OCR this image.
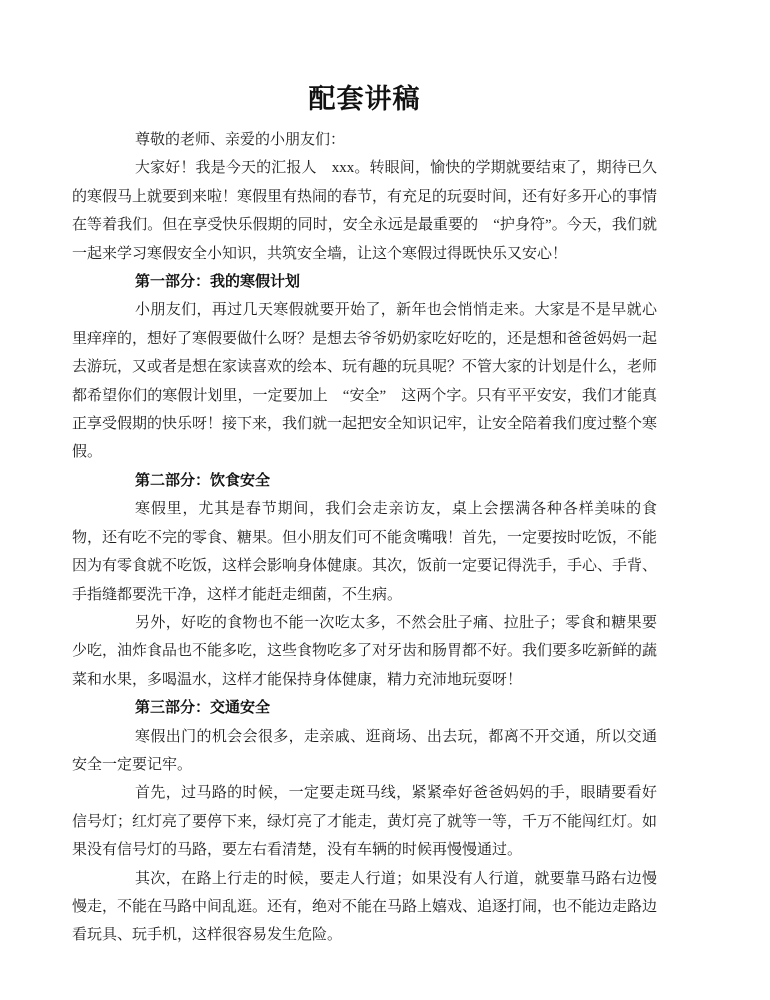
配套讲稿

尊敬的老师、亲爱的小朋友们：

大家好！我是今天的汇报人　xxx。转眼间，愉快的学期就要结束了，期待已久的寒假马上就要到来啦！寒假里有热闹的春节，有充足的玩耍时间，还有好多开心的事情在等着我们。但在享受快乐假期的同时，安全永远是最重要的　“护身符”。今天，我们就一起来学习寒假安全小知识，共筑安全墙，让这个寒假过得既快乐又安心！

第一部分：我的寒假计划

小朋友们，再过几天寒假就要开始了，新年也会悄悄走来。大家是不是早就心里痒痒的，想好了寒假要做什么呀？是想去爷爷奶奶家吃好吃的，还是想和爸爸妈妈一起去游玩，又或者是想在家读喜欢的绘本、玩有趣的玩具呢？不管大家的计划是什么，老师都希望你们的寒假计划里，一定要加上　“安全”　这两个字。只有平平安安，我们才能真正享受假期的快乐呀！接下来，我们就一起把安全知识记牢，让安全陪着我们度过整个寒假。

第二部分：饮食安全

寒假里，尤其是春节期间，我们会走亲访友，桌上会摆满各种各样美味的食物，还有吃不完的零食、糖果。但小朋友们可不能贪嘴哦！首先，一定要按时吃饭，不能因为有零食就不吃饭，这样会影响身体健康。其次，饭前一定要记得洗手，手心、手背、手指缝都要洗干净，这样才能赶走细菌，不生病。

另外，好吃的食物也不能一次吃太多，不然会肚子痛、拉肚子；零食和糖果要少吃，油炸食品也不能多吃，这些食物吃多了对牙齿和肠胃都不好。我们要多吃新鲜的蔬菜和水果，多喝温水，这样才能保持身体健康，精力充沛地玩耍呀！

第三部分：交通安全

寒假出门的机会会很多，走亲戚、逛商场、出去玩，都离不开交通，所以交通安全一定要记牢。

首先，过马路的时候，一定要走斑马线，紧紧牵好爸爸妈妈的手，眼睛要看好信号灯；红灯亮了要停下来，绿灯亮了才能走，黄灯亮了就等一等，千万不能闯红灯。如果没有信号灯的马路，要左右看清楚，没有车辆的时候再慢慢通过。

其次，在路上行走的时候，要走人行道；如果没有人行道，就要靠马路右边慢慢走，不能在马路中间乱逛。还有，绝对不能在马路上嬉戏、追逐打闹，也不能边走路边看玩具、玩手机，这样很容易发生危险。
